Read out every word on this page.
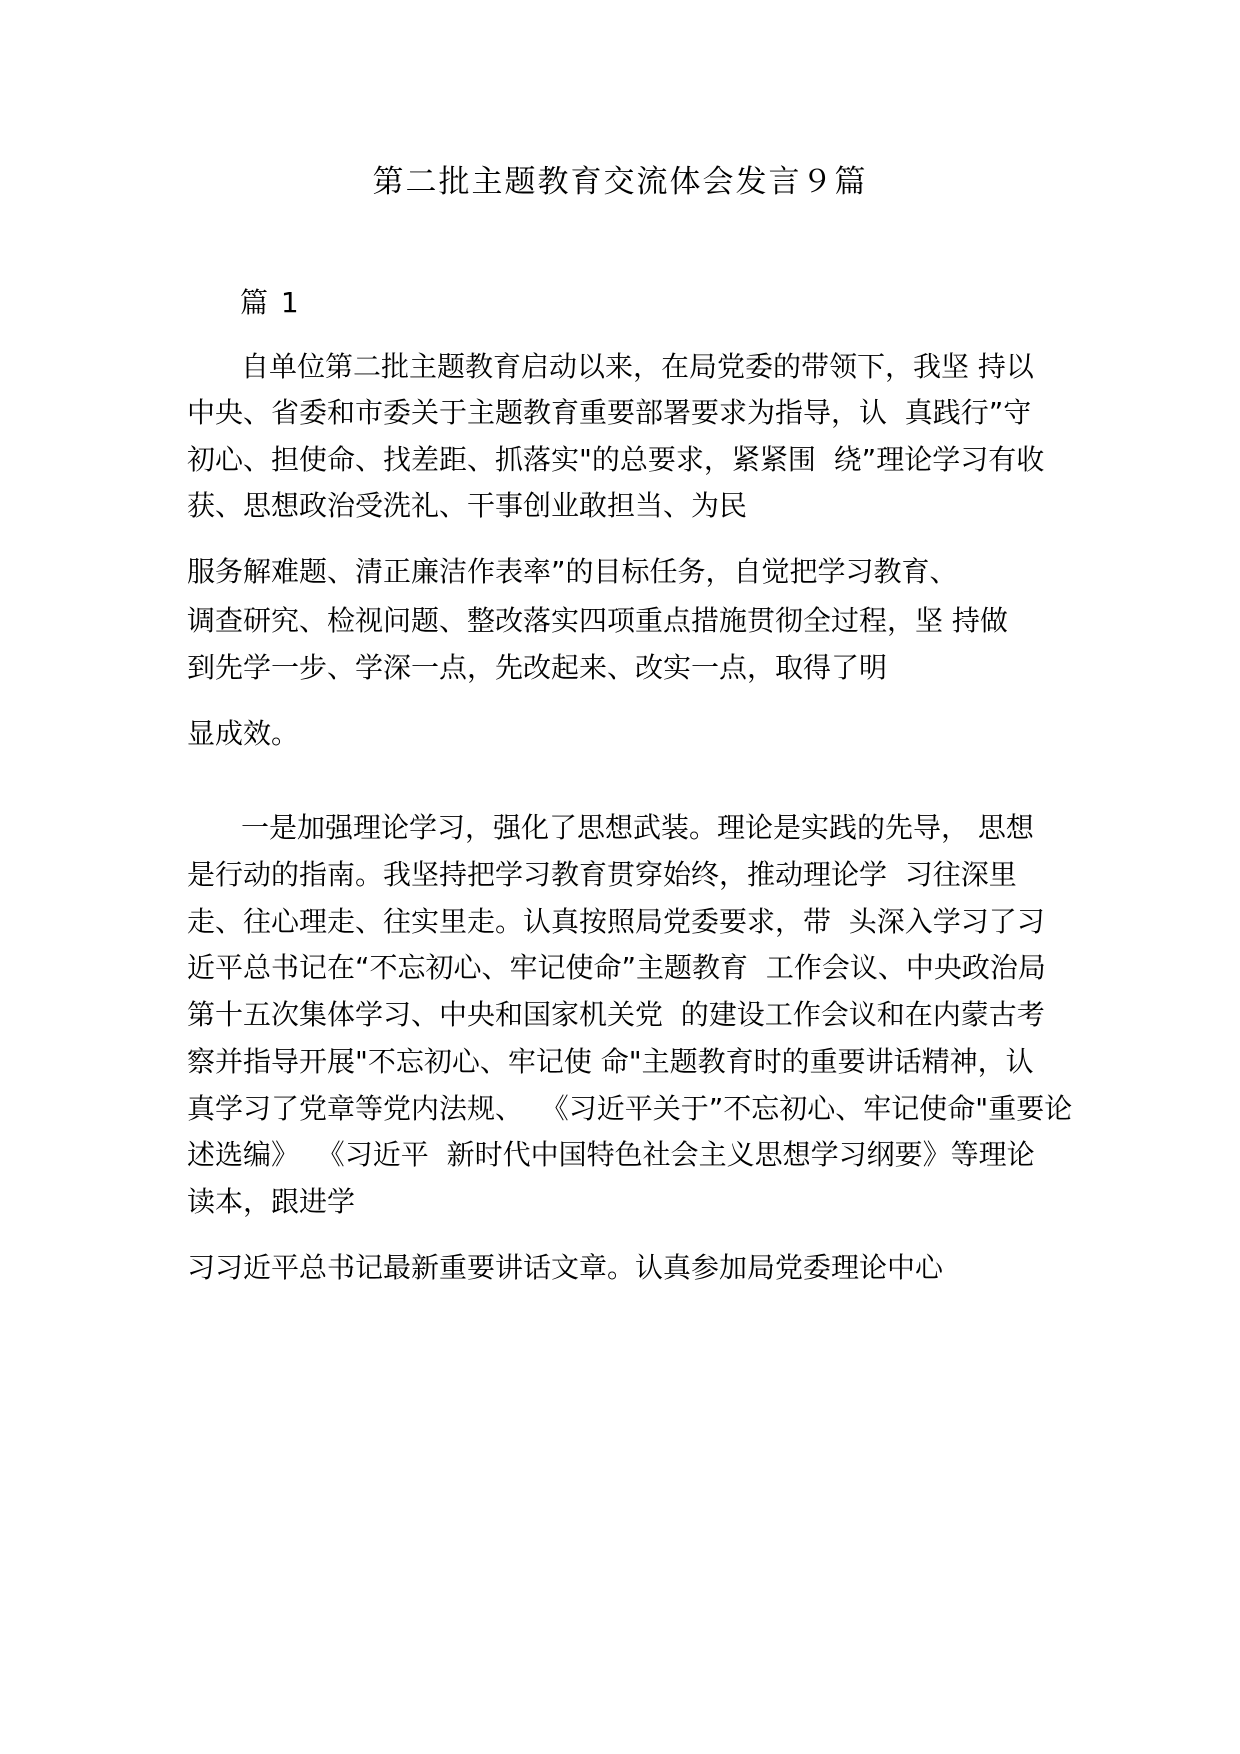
第二批主题教育交流体会发言９篇
篇 1
自单位第二批主题教育启动以来，在局党委的带领下，我坚 持以
中央、省委和市委关于主题教育重要部署要求为指导，认  真践行”守
初心、担使命、找差距、抓落实"的总要求，紧紧围  绕”理论学习有收
获、思想政治受洗礼、干事创业敢担当、为民
服务解难题、清正廉洁作表率”的目标任务，自觉把学习教育、
调查研究、检视问题、整改落实四项重点措施贯彻全过程，坚 持做
到先学一步、学深一点，先改起来、改实一点，取得了明
显成效。
一是加强理论学习，强化了思想武装。理论是实践的先导， 思想
是行动的指南。我坚持把学习教育贯穿始终，推动理论学  习往深里
走、往心理走、往实里走。认真按照局党委要求，带  头深入学习了习
近平总书记在“不忘初心、牢记使命”主题教育  工作会议、中央政治局
第十五次集体学习、中央和国家机关党  的建设工作会议和在内蒙古考
察并指导开展"不忘初心、牢记使 命"主题教育时的重要讲话精神，认
真学习了党章等党内法规、  《习近平关于”不忘初心、牢记使命"重要论
述选编》  《习近平  新时代中国特色社会主义思想学习纲要》等理论
读本，跟进学
习习近平总书记最新重要讲话文章。认真参加局党委理论中心
